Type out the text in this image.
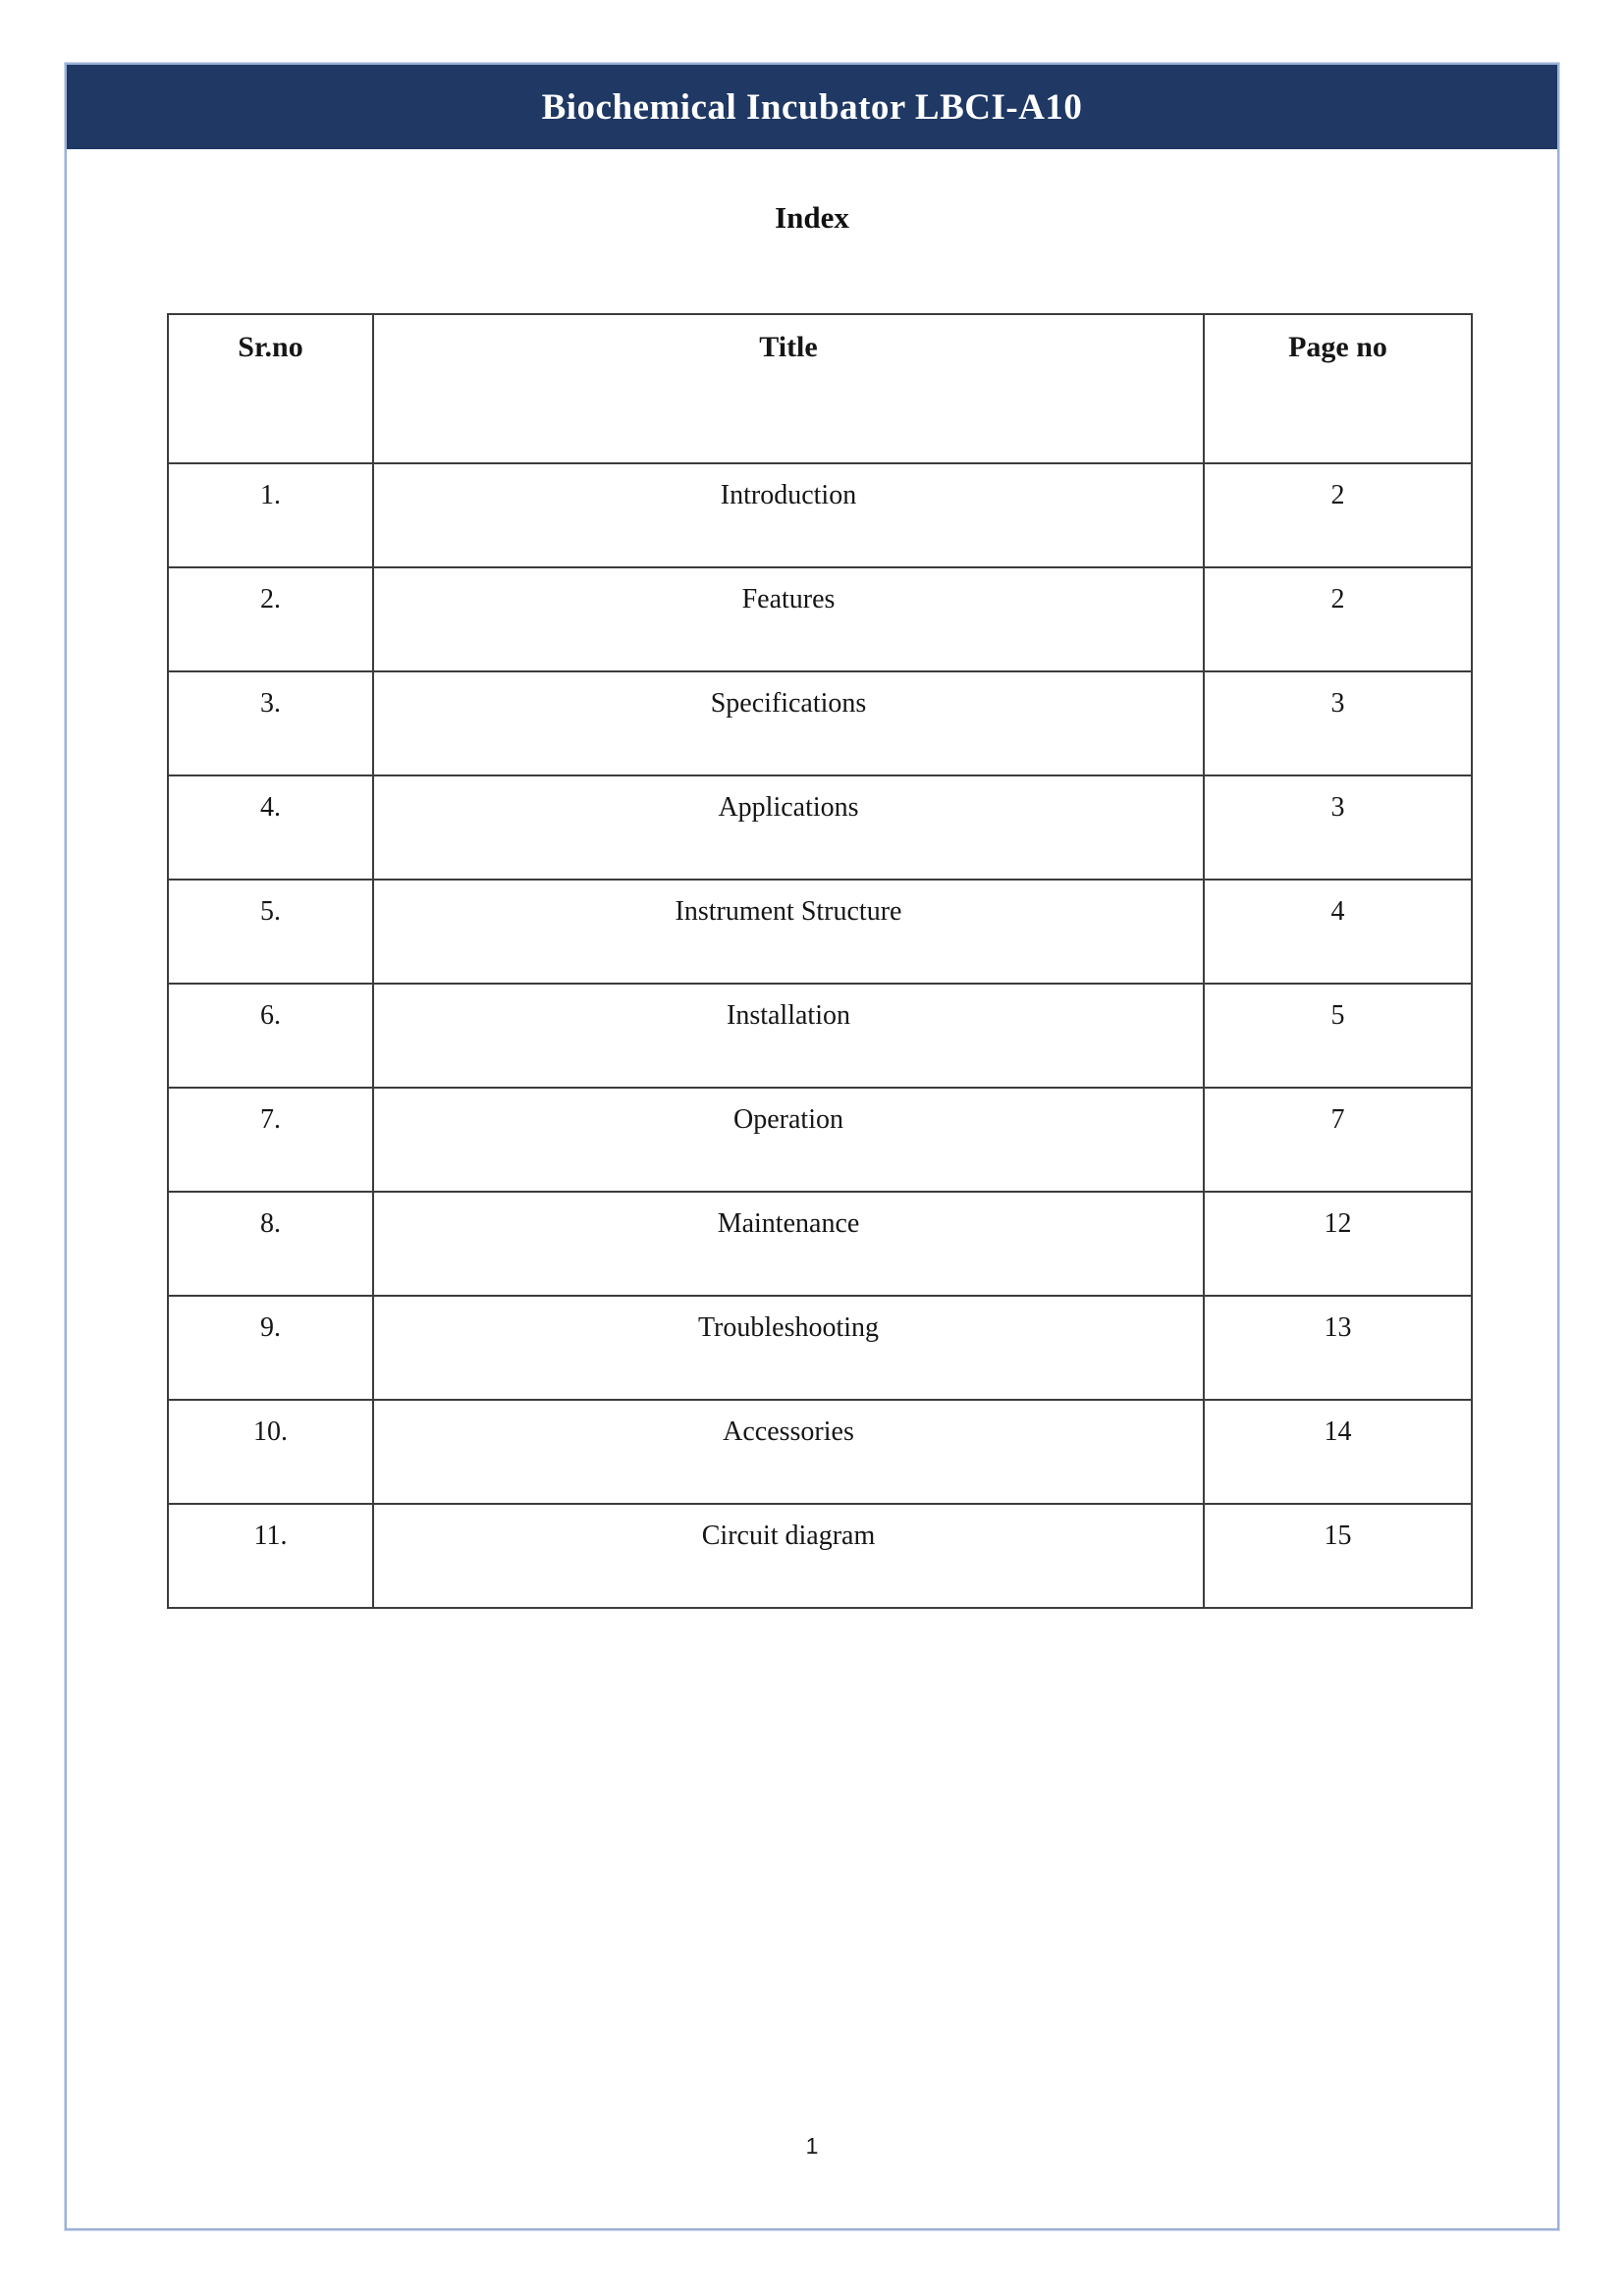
Biochemical Incubator LBCI-A10
Index
Sr.no	Title	Page no
1.	Introduction	2
2.	Features	2
3.	Specifications	3
4.	Applications	3
5.	Instrument Structure	4
6.	Installation	5
7.	Operation	7
8.	Maintenance	12
9.	Troubleshooting	13
10.	Accessories	14
11.	Circuit diagram	15
1
